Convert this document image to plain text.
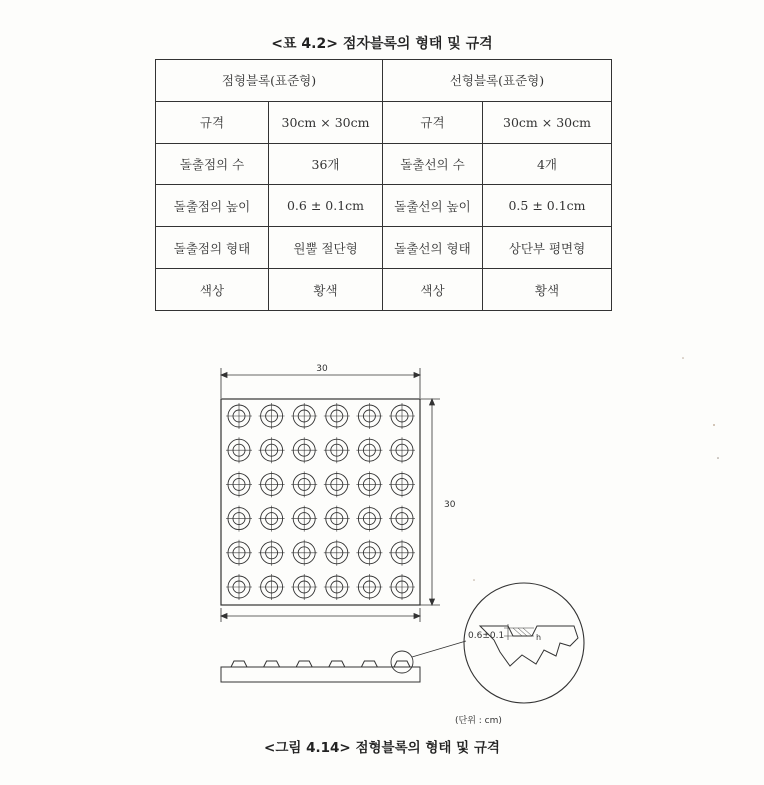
<표 4.2> 점자블록의 형태 및 규격
점형블록(표준형)		선형블록(표준형)	
규격	30cm × 30cm	규격	30cm × 30cm
돌출점의 수	36개	돌출선의 수	4개
돌출점의 높이	0.6 ± 0.1cm	돌출선의 높이	0.5 ± 0.1cm
돌출점의 형태	원뿔 절단형	돌출선의 형태	상단부 평면형
색상	황색	색상	황색
30
30
0.6±0.1	h
(단위 : cm)
<그림 4.14> 점형블록의 형태 및 규격
